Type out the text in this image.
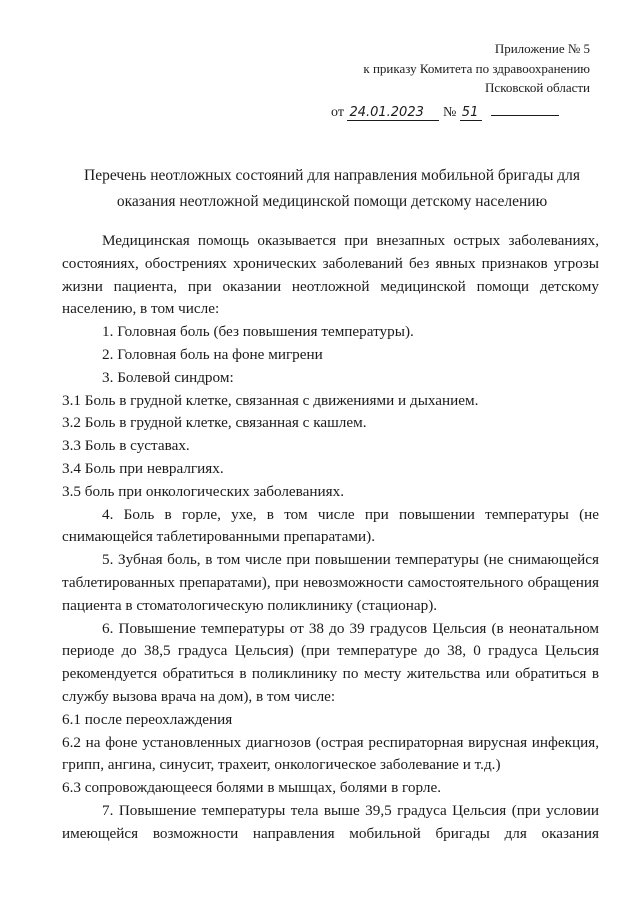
Приложение № 5
к приказу Комитета по здравоохранению
Псковской области
от 24.01.2023 № 51
Перечень неотложных состояний для направления мобильной бригады для
оказания неотложной медицинской помощи детскому населению

Медицинская помощь оказывается при внезапных острых заболеваниях, состояниях, обострениях хронических заболеваний без явных признаков угрозы жизни пациента, при оказании неотложной медицинской помощи детскому населению, в том числе:

1. Головная боль (без повышения температуры).

2. Головная боль на фоне мигрени

3. Болевой синдром:

3.1 Боль в грудной клетке, связанная с движениями и дыханием.

3.2 Боль в грудной клетке, связанная с кашлем.

3.3 Боль в суставах.

3.4 Боль при невралгиях.

3.5 боль при онкологических заболеваниях.

4. Боль в горле, ухе, в том числе при повышении температуры (не снимающейся таблетированными препаратами).

5. Зубная боль, в том числе при повышении температуры (не снимающейся таблетированных препаратами), при невозможности самостоятельного обращения пациента в стоматологическую поликлинику (стационар).

6. Повышение температуры от 38 до 39 градусов Цельсия (в неонатальном периоде до 38,5 градуса Цельсия) (при температуре до 38, 0 градуса Цельсия рекомендуется обратиться в поликлинику по месту жительства или обратиться в службу вызова врача на дом), в том числе:

6.1 после переохлаждения

6.2 на фоне установленных диагнозов (острая респираторная вирусная инфекция, грипп, ангина, синусит, трахеит, онкологическое заболевание и т.д.)

6.3 сопровождающееся болями в мышцах, болями в горле.

7. Повышение температуры тела выше 39,5 градуса Цельсия (при условии имеющейся возможности направления мобильной бригады для оказания
